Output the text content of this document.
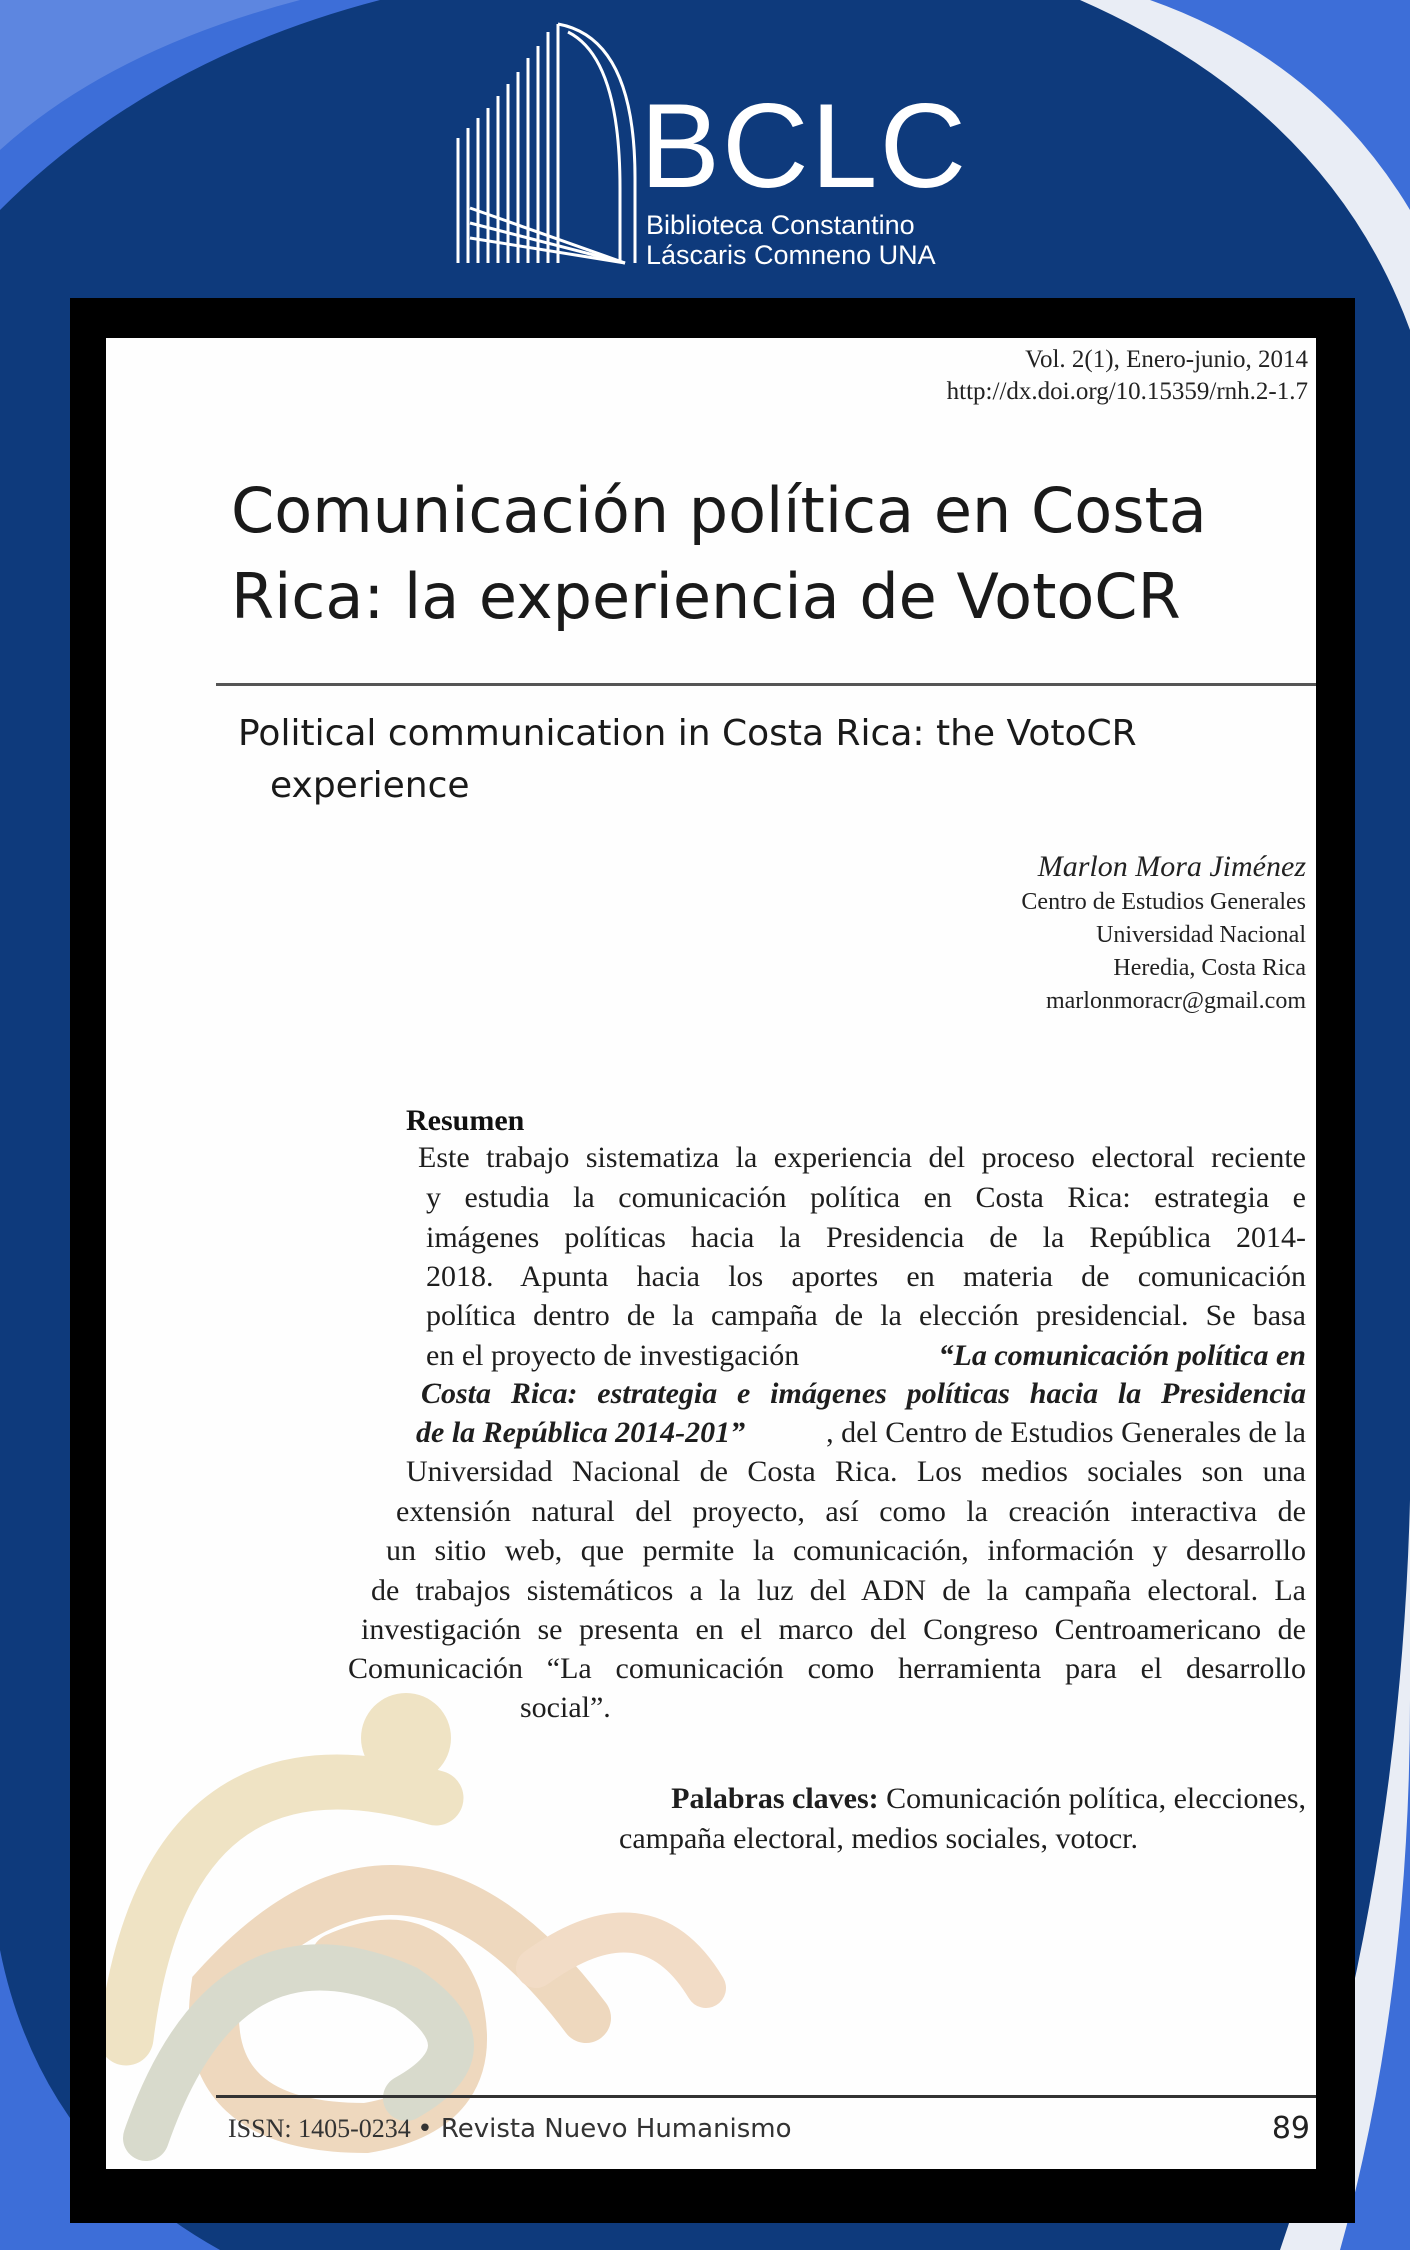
BCLC
Biblioteca Constantino
Láscaris Comneno UNA
Vol. 2(1), Enero-junio, 2014
http://dx.doi.org/10.15359/rnh.2-1.7
Comunicación política en Costa Rica: la experiencia de VotoCR
Political communication in Costa Rica: the VotoCR
experience
Marlon Mora Jiménez
Centro de Estudios Generales
Universidad Nacional
Heredia, Costa Rica
marlonmoracr@gmail.com
Resumen
Este trabajo sistematiza la experiencia del proceso electoral reciente
y estudia la comunicación política en Costa Rica: estrategia e
imágenes políticas hacia la Presidencia de la República 2014-
2018. Apunta hacia los aportes en materia de comunicación
política dentro de la campaña de la elección presidencial. Se basa
en el proyecto de investigación	“La comunicación política en
Costa Rica: estrategia e imágenes políticas hacia la Presidencia
de la República 2014-201”	, del Centro de Estudios Generales de la
Universidad Nacional de Costa Rica. Los medios sociales son una
extensión natural del proyecto, así como la creación interactiva de
un sitio web, que permite la comunicación, información y desarrollo
de trabajos sistemáticos a la luz del ADN de la campaña electoral. La
investigación se presenta en el marco del Congreso Centroamericano de
Comunicación “La comunicación como herramienta para el desarrollo
social”.
Palabras claves: Comunicación política, elecciones,
campaña electoral, medios sociales, votocr.
ISSN: 1405-0234 • Revista Nuevo Humanismo	89
